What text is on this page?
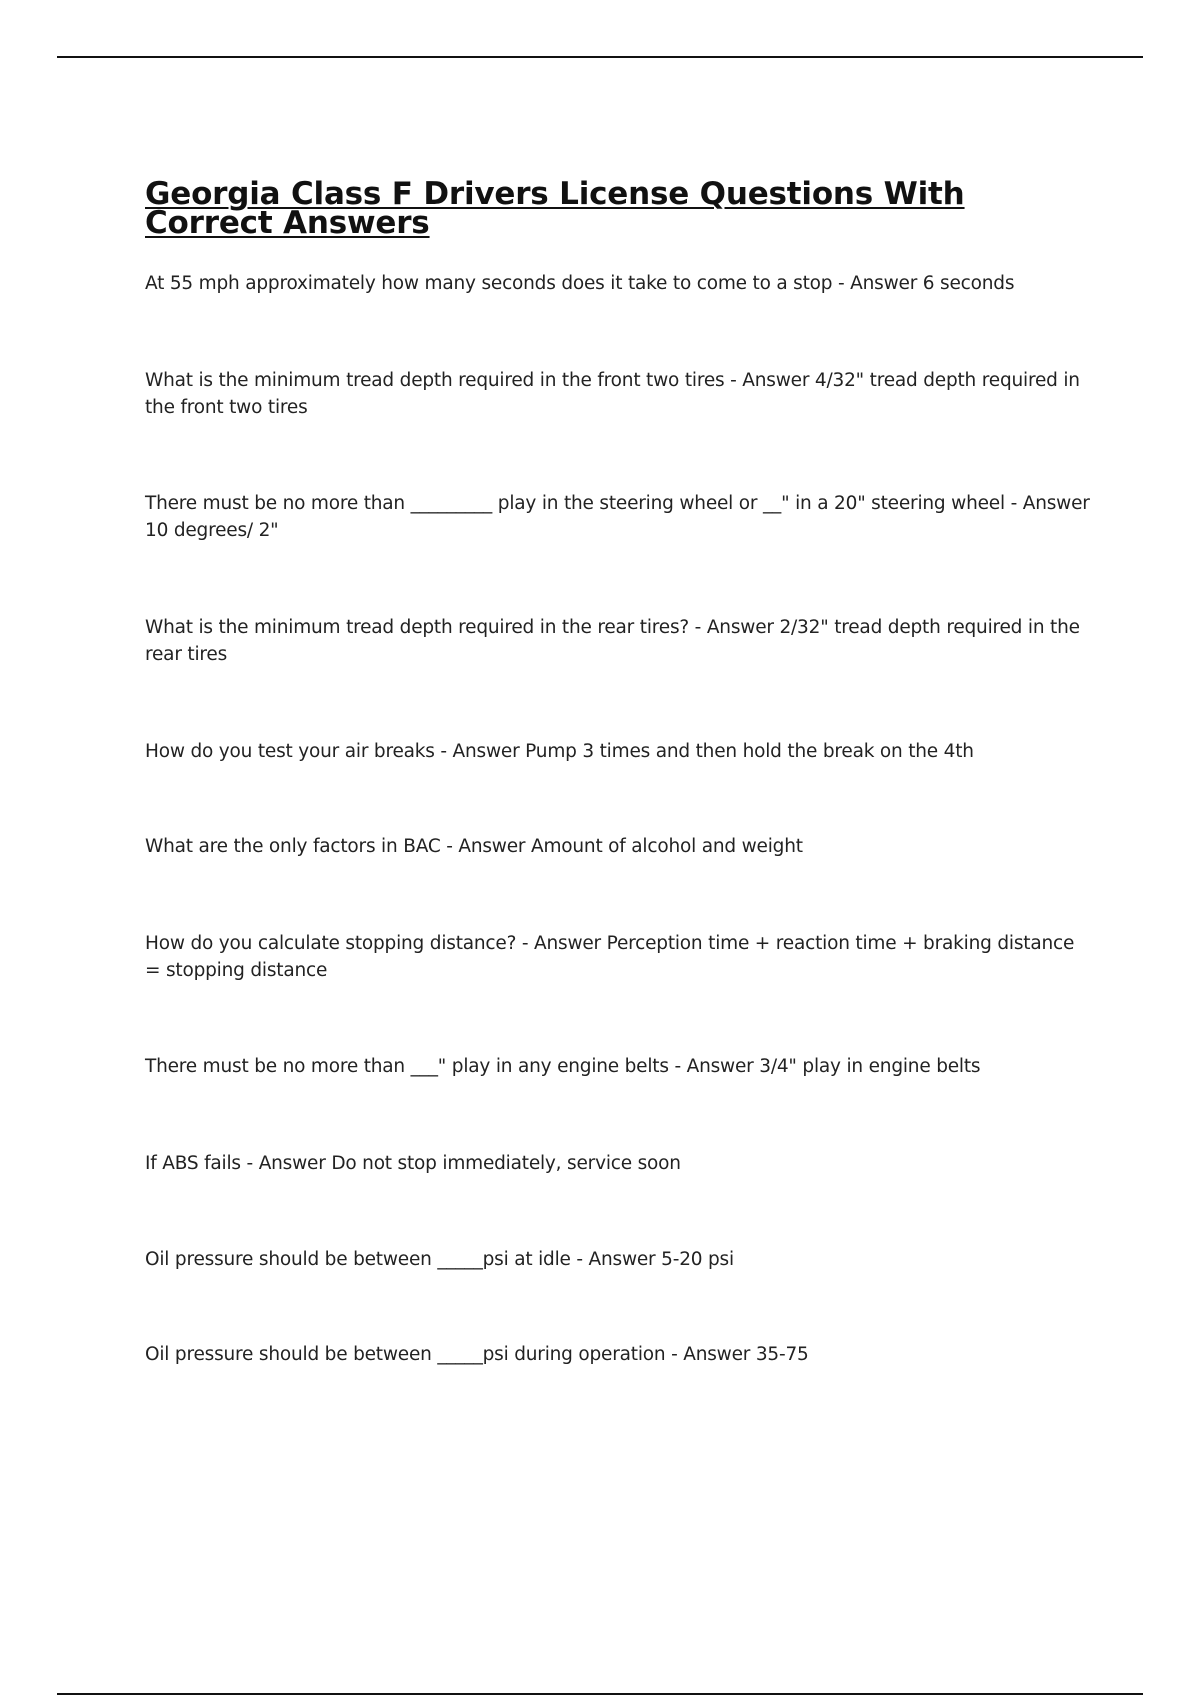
Georgia Class F Drivers License Questions With Correct Answers

At 55 mph approximately how many seconds does it take to come to a stop - Answer 6 seconds

What is the minimum tread depth required in the front two tires - Answer 4/32" tread depth required in the front two tires

There must be no more than _________ play in the steering wheel or __" in a 20" steering wheel - Answer 10 degrees/ 2"

What is the minimum tread depth required in the rear tires? - Answer 2/32" tread depth required in the rear tires

How do you test your air breaks - Answer Pump 3 times and then hold the break on the 4th

What are the only factors in BAC - Answer Amount of alcohol and weight

How do you calculate stopping distance? - Answer Perception time + reaction time + braking distance = stopping distance

There must be no more than ___" play in any engine belts - Answer 3/4" play in engine belts

If ABS fails - Answer Do not stop immediately, service soon

Oil pressure should be between _____psi at idle - Answer 5-20 psi

Oil pressure should be between _____psi during operation - Answer 35-75
